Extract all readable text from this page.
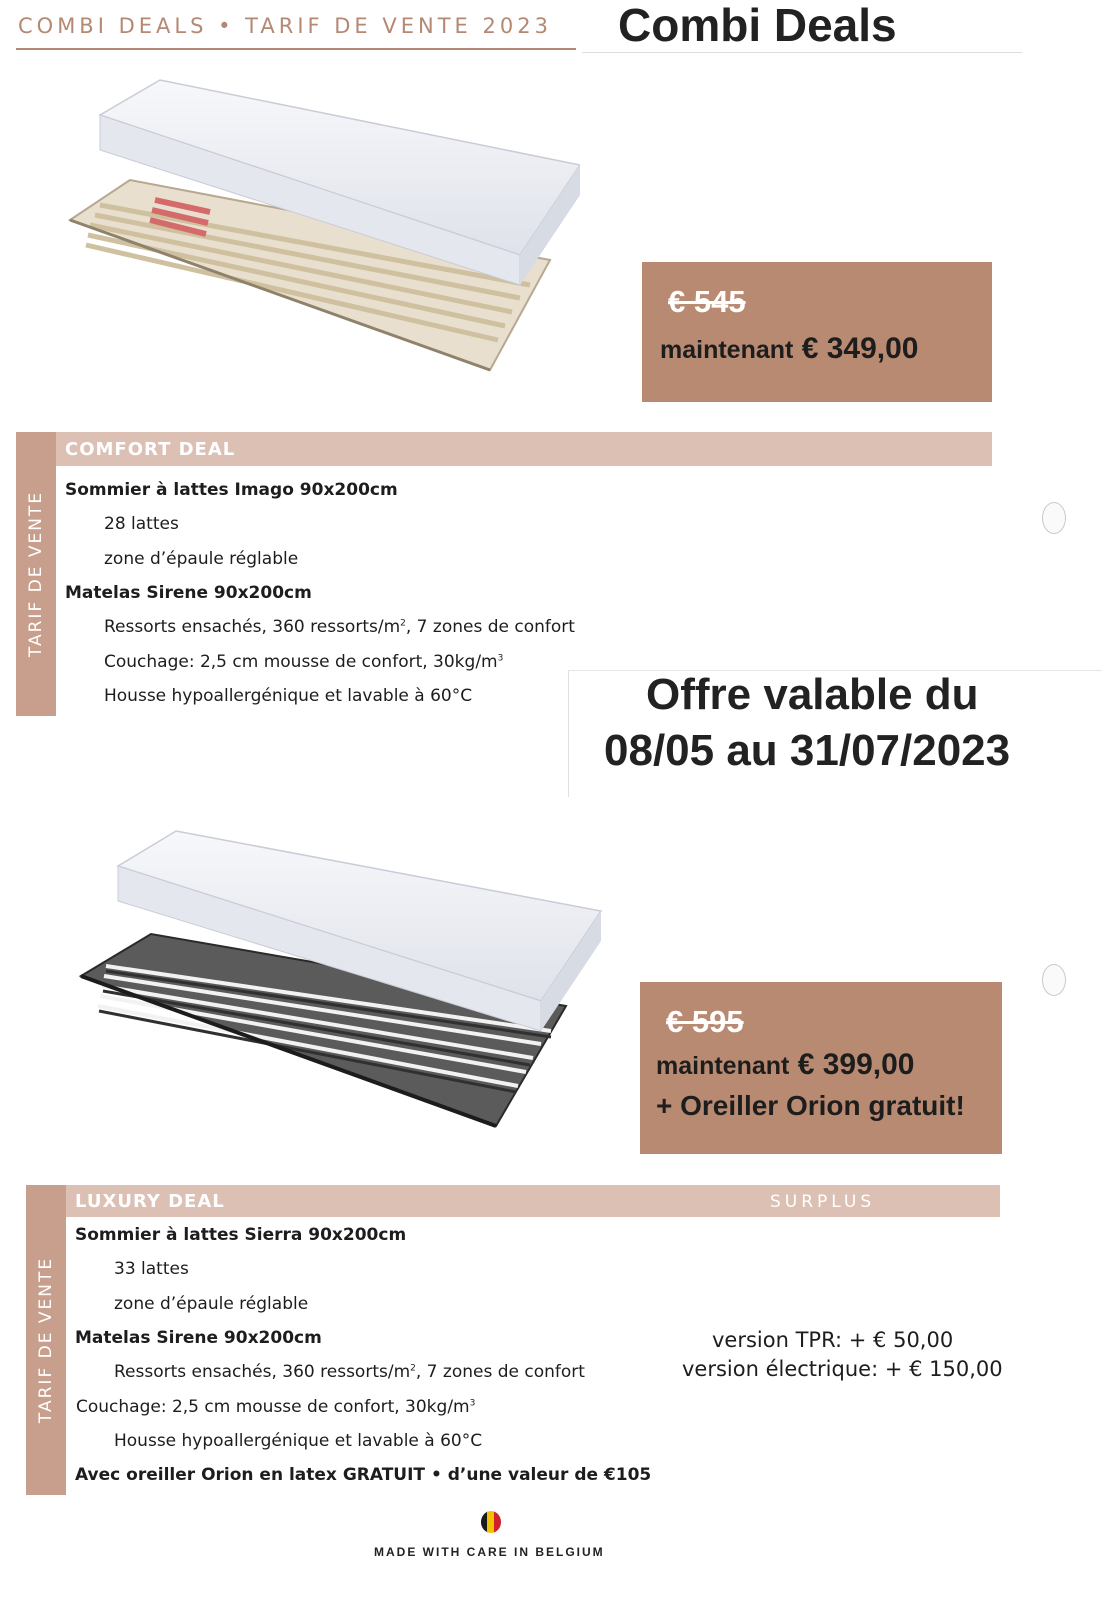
COMBI DEALS • TARIF DE VENTE 2023 Combi Deals
€ 545
maintenant € 349,00
TARIF DE VENTE
COMFORT DEAL
Sommier à lattes Imago 90x200cm
28 lattes
zone d’épaule réglable
Matelas Sirene 90x200cm
Ressorts ensachés, 360 ressorts/$m^2$, 7 zones de confort
Couchage: 2,5 cm mousse de confort, $30kg/m^3$
Housse hypoallergénique et lavable à 60°C	Offre valable du
08/05 au 31/07/2023
€ 595
maintenant € 399,00
+ Oreiller Orion gratuit!
TARIF DE VENTE
LUXURY DEAL	SURPLUS
Sommier à lattes Sierra 90x200cm
33 lattes
zone d’épaule réglable
Matelas Sirene 90x200cm
Ressorts ensachés, 360 ressorts/$m^2$, 7 zones de confort
Couchage: 2,5 cm mousse de confort, $30kg/m^3$
Housse hypoallergénique et lavable à 60°C
Avec oreiller Orion en latex GRATUIT • d’une valeur de €105
version TPR: + € 50,00
version électrique: + € 150,00
MADE WITH CARE IN BELGIUM
